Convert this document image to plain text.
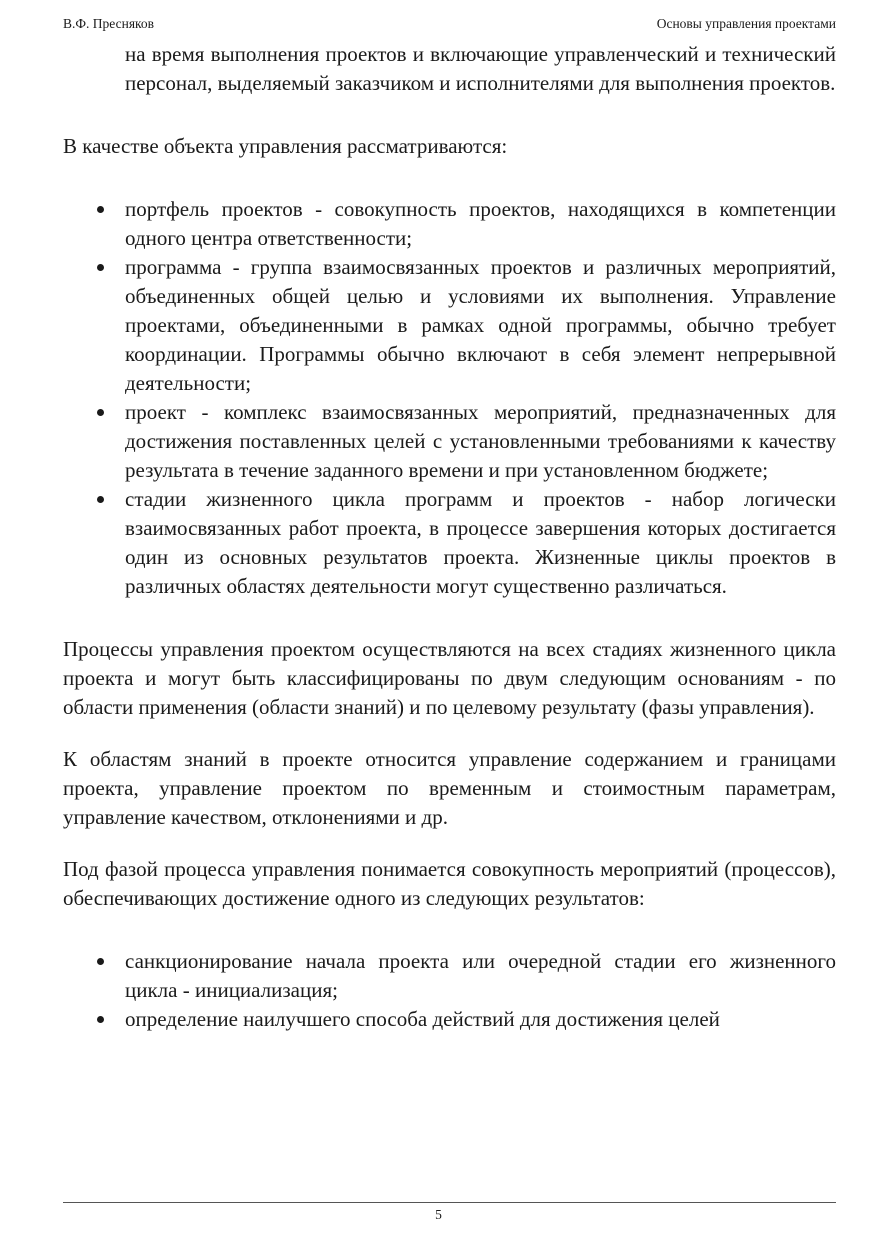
В.Ф. Пресняков	Основы управления проектами

на время выполнения проектов и включающие управленческий и технический персонал, выделяемый заказчиком и исполнителями для выполнения проектов.

В качестве объекта управления рассматриваются:

портфель проектов - совокупность проектов, находящихся в компетенции одного центра ответственности;
программа - группа взаимосвязанных проектов и различных мероприятий, объединенных общей целью и условиями их выполнения. Управление проектами, объединенными в рамках одной программы, обычно требует координации. Программы обычно включают в себя элемент непрерывной деятельности;
проект - комплекс взаимосвязанных мероприятий, предназначенных для достижения поставленных целей с установленными требованиями к качеству результата в течение заданного времени и при установленном бюджете;
стадии жизненного цикла программ и проектов - набор логически взаимосвязанных работ проекта, в процессе завершения которых достигается один из основных результатов проекта. Жизненные циклы проектов в различных областях деятельности могут существенно различаться.

Процессы управления проектом осуществляются на всех стадиях жизненного цикла проекта и могут быть классифицированы по двум следующим основаниям - по области применения (области знаний) и по целевому результату (фазы управления).

К областям знаний в проекте относится управление содержанием и границами проекта, управление проектом по временным и стоимостным параметрам, управление качеством, отклонениями и др.

Под фазой процесса управления понимается совокупность мероприятий (процессов), обеспечивающих достижение одного из следующих результатов:

санкционирование начала проекта или очередной стадии его жизненного цикла - инициализация;
определение наилучшего способа действий для достижения целей
5
